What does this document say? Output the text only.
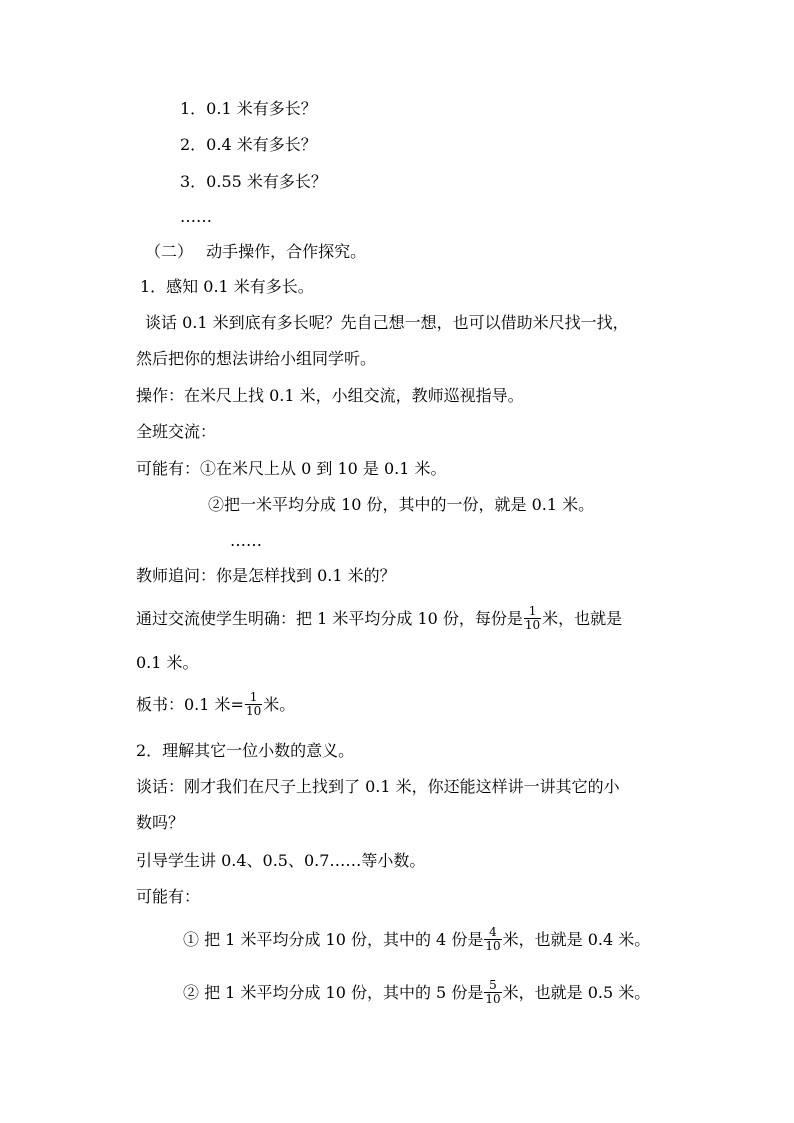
1．0.1 米有多长？
2．0.4 米有多长？
3．0.55 米有多长？
……
（二）　 动手操作，合作探究。
1．感知 0.1 米有多长。
谈话 0.1 米到底有多长呢？先自己想一想，也可以借助米尺找一找，
然后把你的想法讲给小组同学听。
操作：在米尺上找 0.1 米，小组交流，教师巡视指导。
全班交流：
可能有：①在米尺上从 0 到 10 是 0.1 米。
②把一米平均分成 10 份，其中的一份，就是 0.1 米。
……
教师追问：你是怎样找到 0.1 米的？
通过交流使学生明确：把 1 米平均分成 10 份，每份是 $\frac{1}{10}$ 米，也就是
0.1 米。
板书：0.1 米= $\frac{1}{10}$ 米。
2．理解其它一位小数的意义。
谈话：刚才我们在尺子上找到了 0.1 米，你还能这样讲一讲其它的小
数吗？
引导学生讲 0.4、0.5、0.7……等小数。
可能有：
① 把 1 米平均分成 10 份，其中的 4 份是 $\frac{4}{10}$ 米，也就是 0.4 米。
② 把 1 米平均分成 10 份，其中的 5 份是 $\frac{5}{10}$ 米，也就是 0.5 米。
